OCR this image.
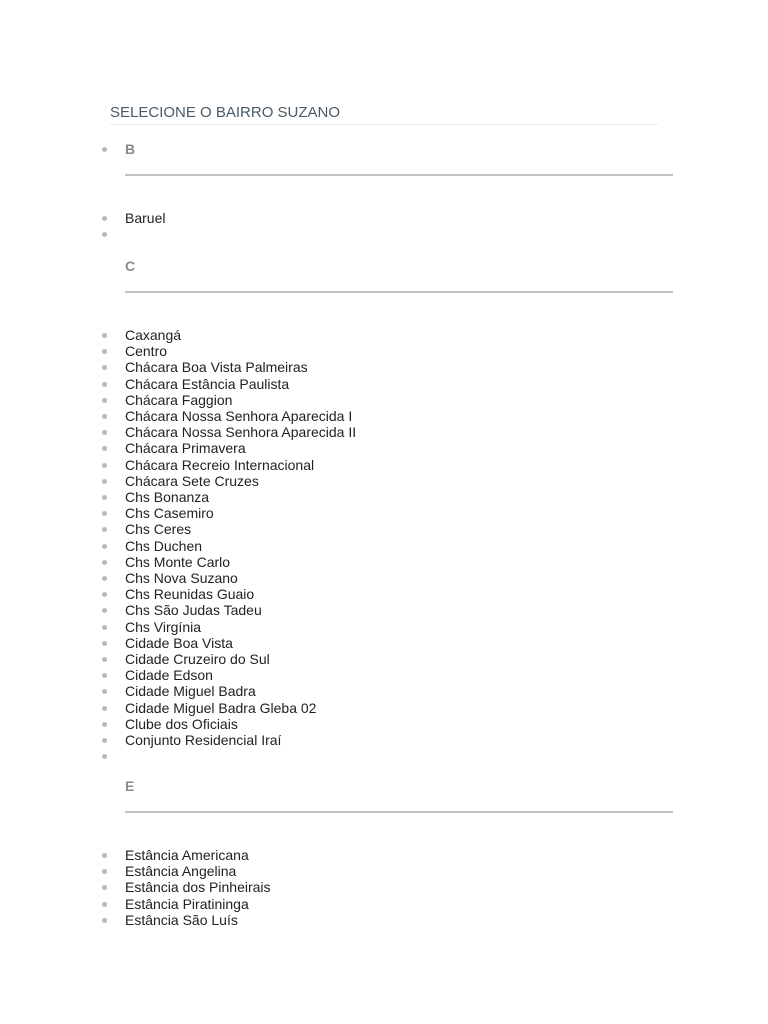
SELECIONE O BAIRRO SUZANO
B
Baruel
C
Caxangá
Centro
Chácara Boa Vista Palmeiras
Chácara Estância Paulista
Chácara Faggion
Chácara Nossa Senhora Aparecida I
Chácara Nossa Senhora Aparecida II
Chácara Primavera
Chácara Recreio Internacional
Chácara Sete Cruzes
Chs Bonanza
Chs Casemiro
Chs Ceres
Chs Duchen
Chs Monte Carlo
Chs Nova Suzano
Chs Reunidas Guaio
Chs São Judas Tadeu
Chs Virgínia
Cidade Boa Vista
Cidade Cruzeiro do Sul
Cidade Edson
Cidade Miguel Badra
Cidade Miguel Badra Gleba 02
Clube dos Oficiais
Conjunto Residencial Iraí
E
Estância Americana
Estância Angelina
Estância dos Pinheirais
Estância Piratininga
Estância São Luís
